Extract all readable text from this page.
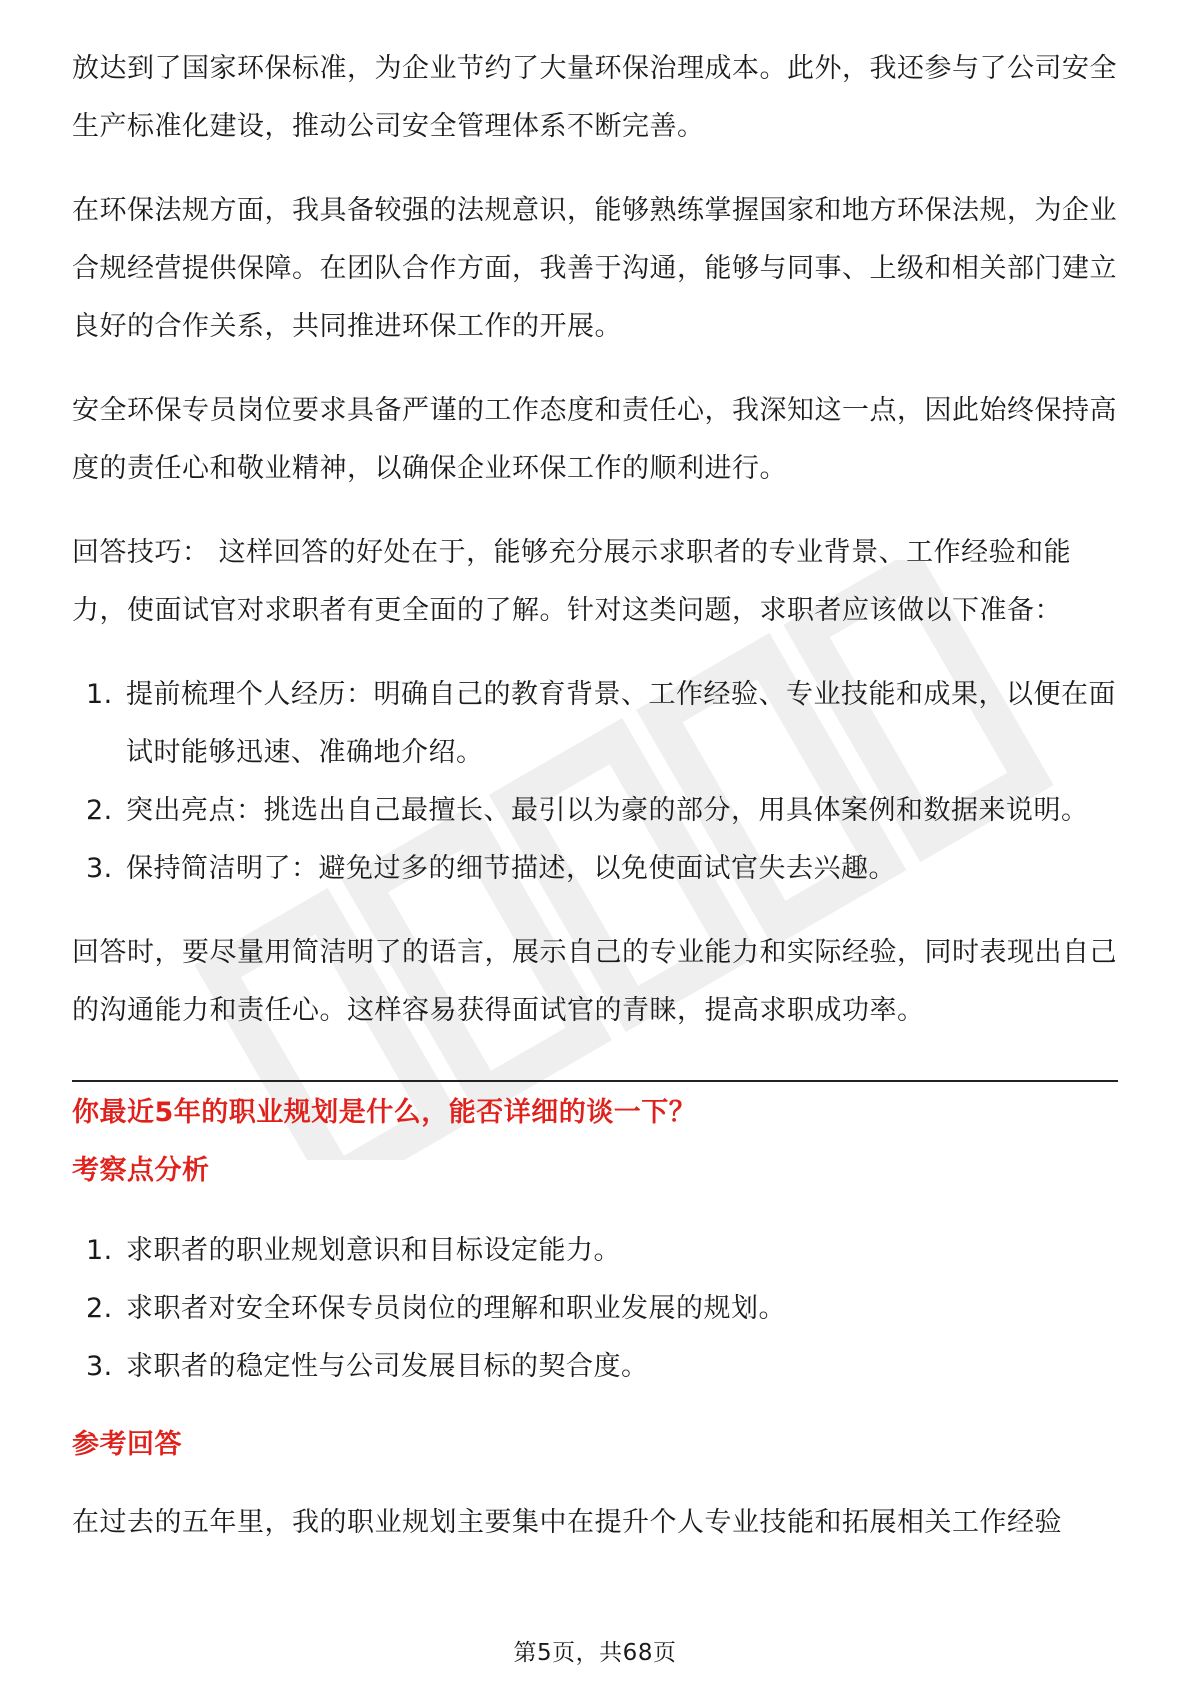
放达到了国家环保标准，为企业节约了大量环保治理成本。此外，我还参与了公司安全生产标准化建设，推动公司安全管理体系不断完善。

在环保法规方面，我具备较强的法规意识，能够熟练掌握国家和地方环保法规，为企业合规经营提供保障。在团队合作方面，我善于沟通，能够与同事、上级和相关部门建立良好的合作关系，共同推进环保工作的开展。

安全环保专员岗位要求具备严谨的工作态度和责任心，我深知这一点，因此始终保持高度的责任心和敬业精神，以确保企业环保工作的顺利进行。

回答技巧： 这样回答的好处在于，能够充分展示求职者的专业背景、工作经验和能力，使面试官对求职者有更全面的了解。针对这类问题，求职者应该做以下准备：

1. 提前梳理个人经历：明确自己的教育背景、工作经验、专业技能和成果，以便在面试时能够迅速、准确地介绍。
2. 突出亮点：挑选出自己最擅长、最引以为豪的部分，用具体案例和数据来说明。
3. 保持简洁明了：避免过多的细节描述，以免使面试官失去兴趣。

回答时，要尽量用简洁明了的语言，展示自己的专业能力和实际经验，同时表现出自己的沟通能力和责任心。这样容易获得面试官的青睐，提高求职成功率。

你最近5年的职业规划是什么，能否详细的谈一下？

考察点分析

1. 求职者的职业规划意识和目标设定能力。
2. 求职者对安全环保专员岗位的理解和职业发展的规划。
3. 求职者的稳定性与公司发展目标的契合度。

参考回答

在过去的五年里，我的职业规划主要集中在提升个人专业技能和拓展相关工作经验

第5页，共68页
